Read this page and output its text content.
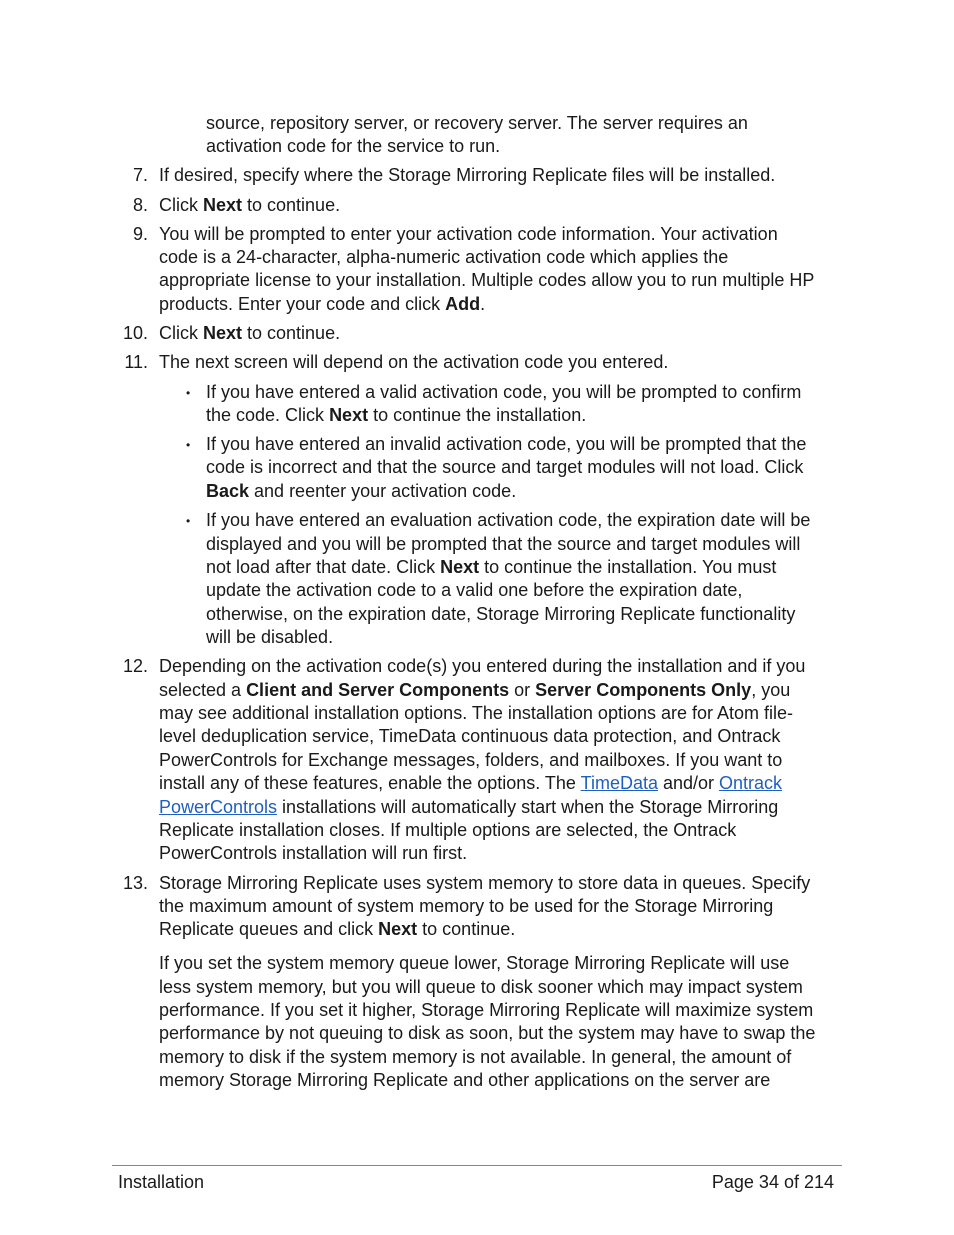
source, repository server, or recovery server. The server requires an
activation code for the service to run.
7. If desired, specify where the Storage Mirroring Replicate files will be installed.
8. Click Next to continue.
9. You will be prompted to enter your activation code information. Your activation
code is a 24-character, alpha-numeric activation code which applies the
appropriate license to your installation. Multiple codes allow you to run multiple HP
products. Enter your code and click Add.
10. Click Next to continue.
11. The next screen will depend on the activation code you entered.
• If you have entered a valid activation code, you will be prompted to confirm
the code. Click Next to continue the installation.
• If you have entered an invalid activation code, you will be prompted that the
code is incorrect and that the source and target modules will not load. Click
Back and reenter your activation code.
• If you have entered an evaluation activation code, the expiration date will be
displayed and you will be prompted that the source and target modules will
not load after that date. Click Next to continue the installation. You must
update the activation code to a valid one before the expiration date,
otherwise, on the expiration date, Storage Mirroring Replicate functionality
will be disabled.
12. Depending on the activation code(s) you entered during the installation and if you
selected a Client and Server Components or Server Components Only, you
may see additional installation options. The installation options are for Atom file-
level deduplication service, TimeData continuous data protection, and Ontrack
PowerControls for Exchange messages, folders, and mailboxes. If you want to
install any of these features, enable the options. The TimeData and/or Ontrack
PowerControls installations will automatically start when the Storage Mirroring
Replicate installation closes. If multiple options are selected, the Ontrack
PowerControls installation will run first.
13. Storage Mirroring Replicate uses system memory to store data in queues. Specify
the maximum amount of system memory to be used for the Storage Mirroring
Replicate queues and click Next to continue.
If you set the system memory queue lower, Storage Mirroring Replicate will use
less system memory, but you will queue to disk sooner which may impact system
performance. If you set it higher, Storage Mirroring Replicate will maximize system
performance by not queuing to disk as soon, but the system may have to swap the
memory to disk if the system memory is not available. In general, the amount of
memory Storage Mirroring Replicate and other applications on the server are
Installation	Page 34 of 214
